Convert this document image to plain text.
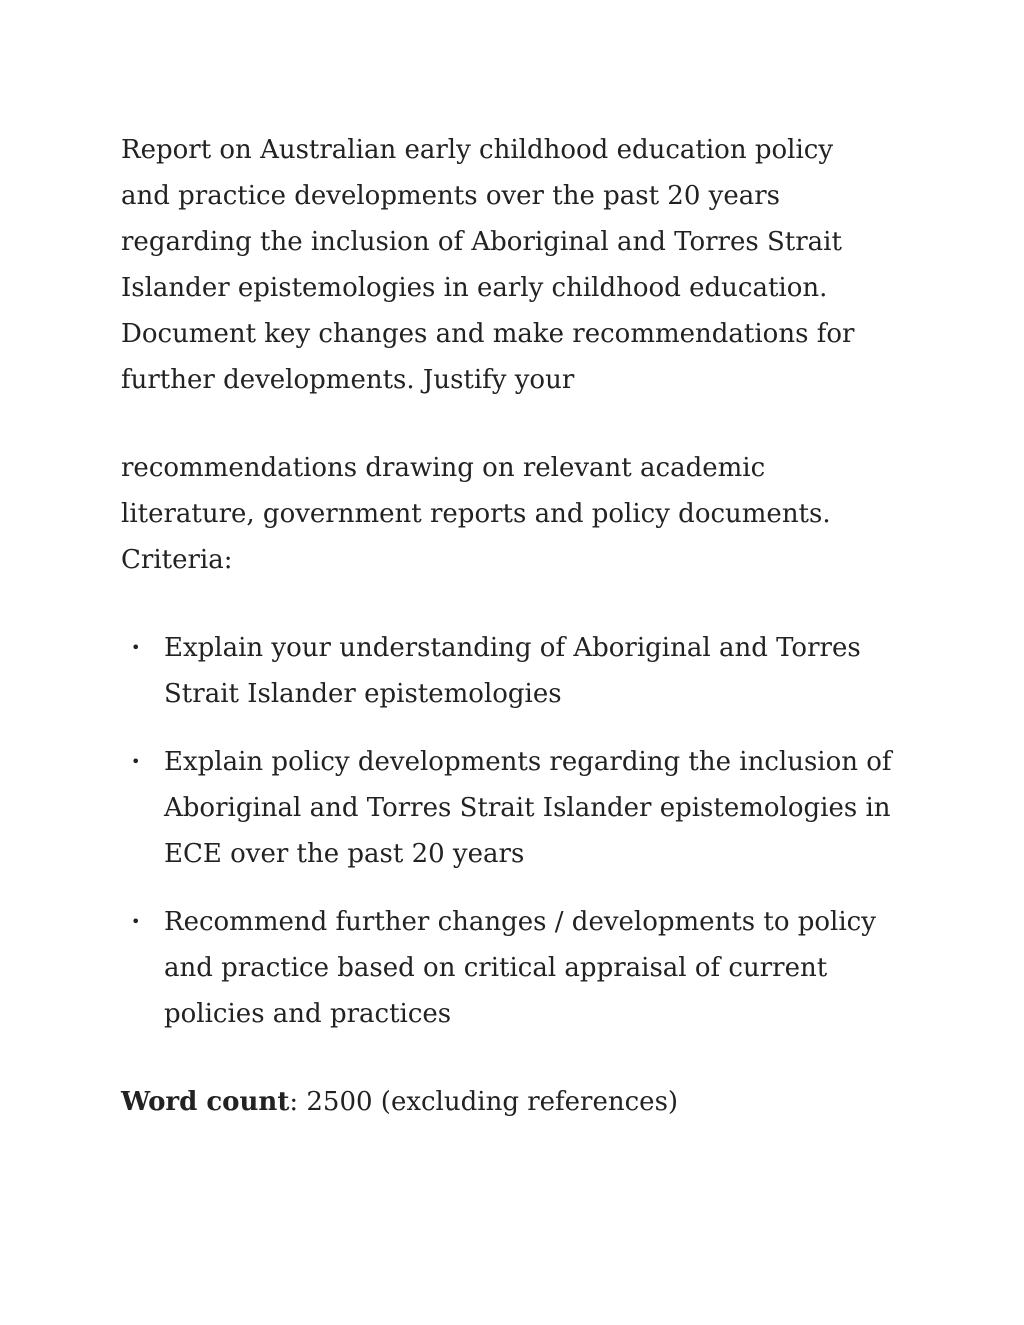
Report on Australian early childhood education policy and practice developments over the past 20 years regarding the inclusion of Aboriginal and Torres Strait Islander epistemologies in early childhood education. Document key changes and make recommendations for further developments. Justify your

recommendations drawing on relevant academic literature, government reports and policy documents. Criteria:

• Explain your understanding of Aboriginal and Torres Strait Islander epistemologies
• Explain policy developments regarding the inclusion of Aboriginal and Torres Strait Islander epistemologies in ECE over the past 20 years
• Recommend further changes / developments to policy and practice based on critical appraisal of current policies and practices

Word count: 2500 (excluding references)
